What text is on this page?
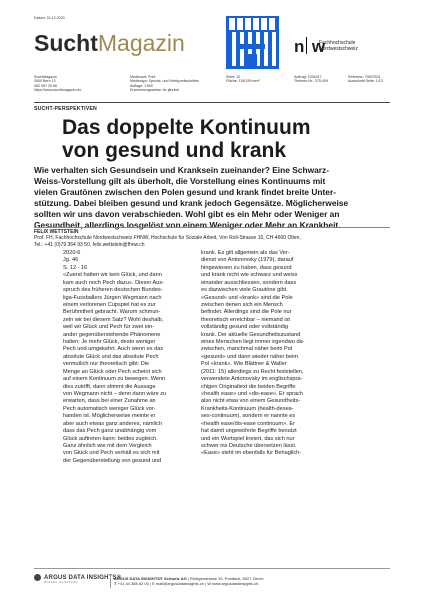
Datum: 24.12.2020
SuchtMagazin	n w
Fachhochschule
Nordwestschweiz
SuchtMagazin
3000 Bern 13
062 957 20 66
https://www.suchtmagazin.ch/
Medienart: Print
Medientyp: Spezial- und Hobbyzeitschriften
Auflage: 1'600
Erscheinungsweise: 6x jährlich
Seite: 12
Fläche: 106'159 mm²
Auftrag: 1034417
Themen-Nr.: 375.009
Referenz: 79507521
Ausschnitt Seite: 1/13
SUCHT-PERSPEKTIVEN
Das doppelte Kontinuum
von gesund und krank
Wie verhalten sich Gesundsein und Kranksein zueinander? Eine Schwarz-
Weiss-Vorstellung gilt als überholt, die Vorstellung eines Kontinuums mit
vielen Grautönen zwischen den Polen gesund und krank findet breite Unter-
stützung. Dabei bleiben gesund und krank jedoch Gegensätze. Möglicherweise
sollten wir uns davon verabschieden. Wohl gibt es ein Mehr oder Weniger an
Gesundheit, allerdings losgelöst von einem Weniger oder Mehr an Krankheit.
FELIX WETTSTEIN
Prof. FH, Fachhochschule Nordwestschweiz FHNW, Hochschule für Soziale Arbeit, Von Roll-Strasse 10, CH-4600 Olten,
Tel.: +41 (0)79 364 93 50, felix.wettstein@fhnw.ch
2020-6
Jg. 46
S. 12 - 16
«Zuerst hatten wir kein Glück, und dann
kam auch noch Pech dazu». Dieser Aus-
spruch des früheren deutschen Bundes-
liga-Fussballers Jürgen Wegmann nach
einem verlorenen Cupspiel hat es zur
Berühmtheit gebracht. Warum schmun-
zeln wir bei diesem Satz? Wohl deshalb,
weil wir Glück und Pech für zwei ein-
ander gegenüberstehende Phänomene
halten: Je mehr Glück, desto weniger
Pech und umgekehrt. Auch wenn es das
absolute Glück und das absolute Pech
vermutlich nur theoretisch gibt: Die
Menge an Glück oder Pech scheint sich
auf einem Kontinuum zu bewegen. Wenn
dies zutrifft, dann stimmt die Aussage
von Wegmann nicht – denn dann wäre zu
erwarten, dass bei einer Zunahme an
Pech automatisch weniger Glück vor-
handen ist. Möglicherweise meinte er
aber auch etwas ganz anderes, nämlich
dass das Pech ganz unabhängig vom
Glück auftreten kann: beides zugleich.
Ganz ähnlich wie mit dem Vergleich
von Glück und Pech verhält es sich mit
der Gegenüberstellung von gesund und
krank. Es gilt allgemein als das Ver-
dienst von Antonovsky (1979), darauf
hingewiesen zu haben, dass gesund
und krank nicht wie schwarz und weiss
einander ausschliessen, sondern dass
es dazwischen viele Grautöne gibt.
«Gesund» und «krank» sind die Pole
zwischen denen sich ein Mensch
befindet. Allerdings sind die Pole nur
theoretisch erreichbar – niemand ist
vollständig gesund oder vollständig
krank. Der aktuelle Gesundheitszustand
eines Menschen liegt immer irgendwo da-
zwischen, manchmal näher beim Pol
«gesund» und dann wieder näher beim
Pol «krank». Wie Blättner & Waller
(2011: 15) allerdings zu Recht feststellen,
verwendete Antonovsky im englischspra-
chigen Originaltext die beiden Begriffe
«health ease» und «dis-ease». Er sprach
also nicht etwa von einem Gesundheits-
Krankheits-Kontinuum (health-desea-
ses-continuum), sondern er nannte es
«health ease/dis-ease continuum». Er
hat damit ungewohnte Begriffe benutzt
und ein Wortspiel kreiert, das sich nur
schwer ins Deutsche übersetzen lässt.
«Ease» steht im ebenfalls für Behaglich-
ARGUS DATA INSIGHTS®
WISSEN SCHAFFEN
ARGUS DATA INSIGHTS® Schweiz AG | Rüdigerstrasse 15, Postfach, 8027 Zürich
T +41 44 388 82 00 | E mail@argusdatainsights.ch | W www.argusdatainsights.ch
